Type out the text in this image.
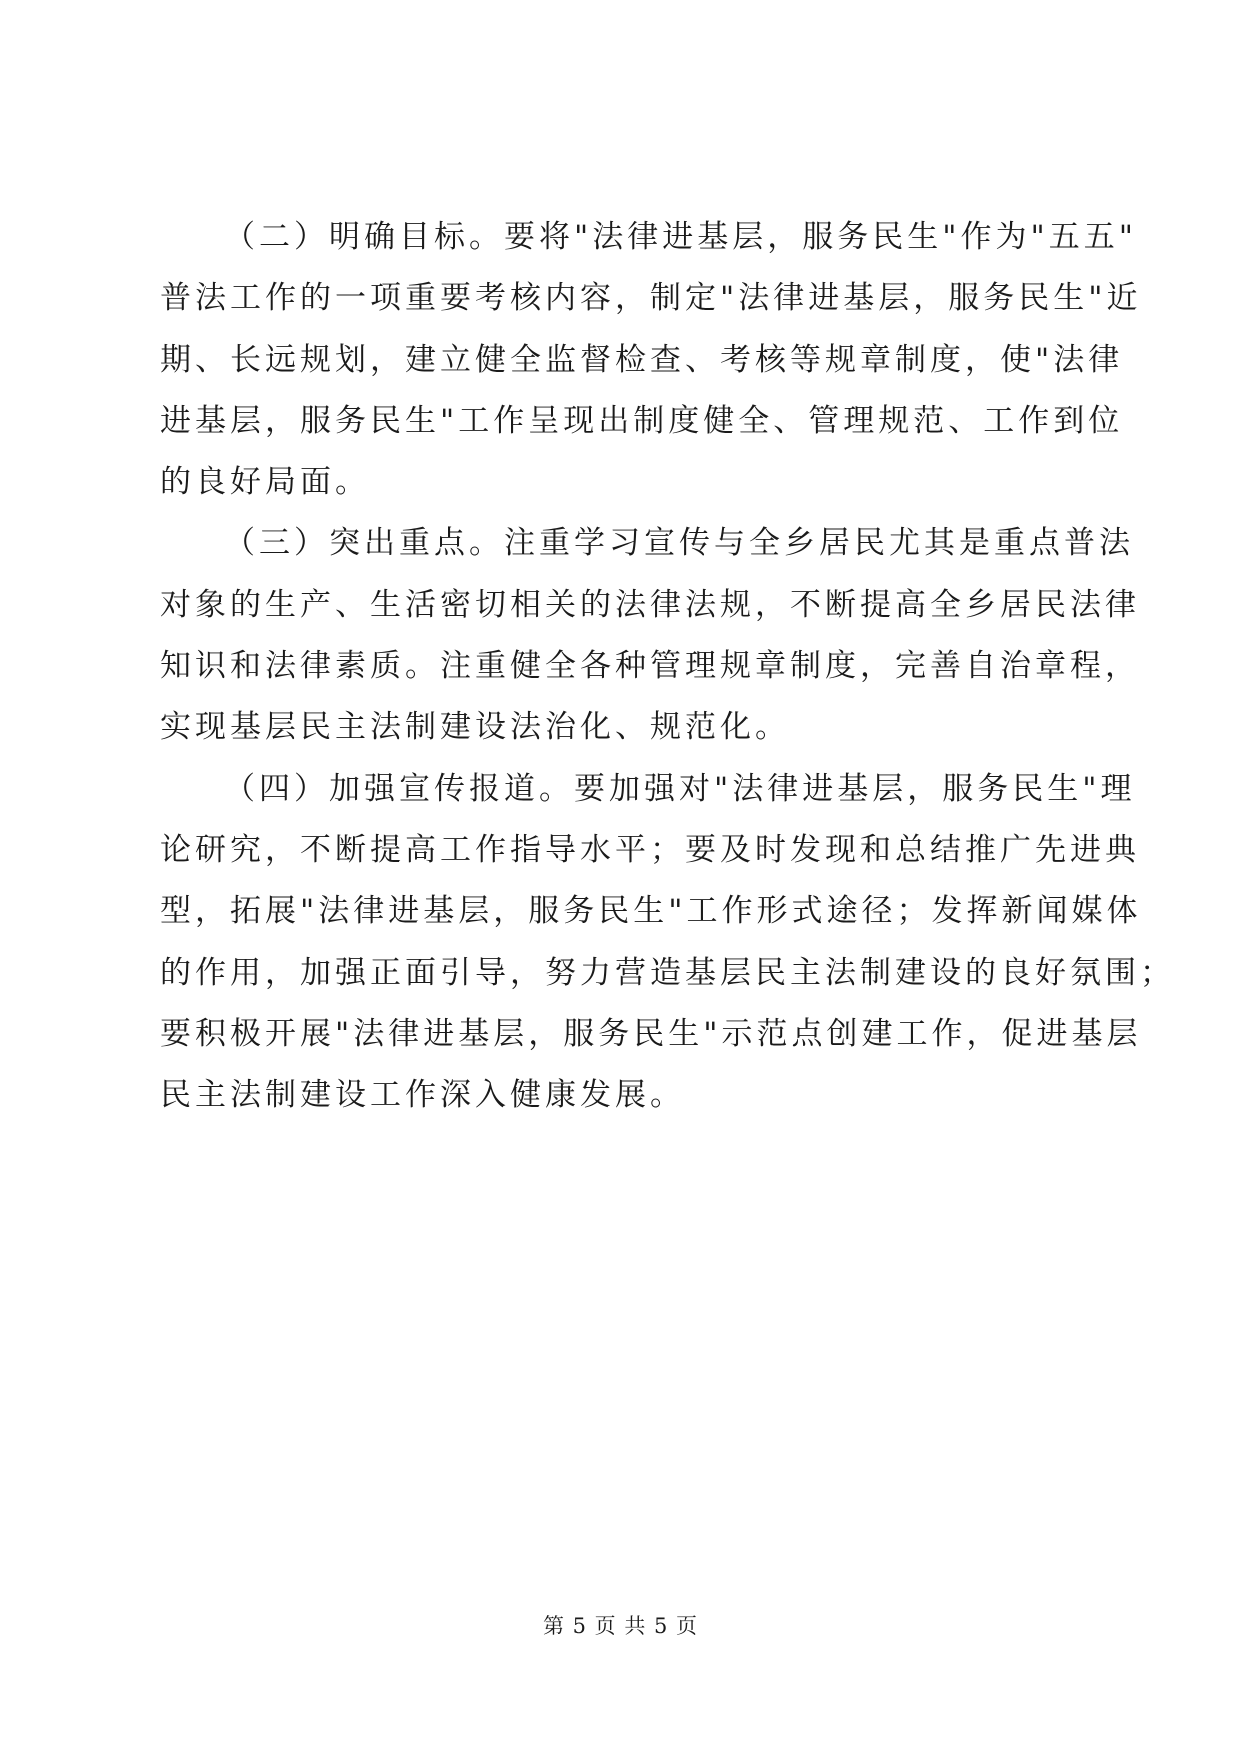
（二）明确目标。要将"法律进基层，服务民生"作为"五五"
普法工作的一项重要考核内容，制定"法律进基层，服务民生"近
期、长远规划，建立健全监督检查、考核等规章制度，使"法律
进基层，服务民生"工作呈现出制度健全、管理规范、工作到位
的良好局面。

（三）突出重点。注重学习宣传与全乡居民尤其是重点普法
对象的生产、生活密切相关的法律法规，不断提高全乡居民法律
知识和法律素质。注重健全各种管理规章制度，完善自治章程，
实现基层民主法制建设法治化、规范化。

（四）加强宣传报道。要加强对"法律进基层，服务民生"理
论研究，不断提高工作指导水平；要及时发现和总结推广先进典
型，拓展"法律进基层，服务民生"工作形式途径；发挥新闻媒体
的作用，加强正面引导，努力营造基层民主法制建设的良好氛围；
要积极开展"法律进基层，服务民生"示范点创建工作，促进基层
民主法制建设工作深入健康发展。

第 5 页 共 5 页
